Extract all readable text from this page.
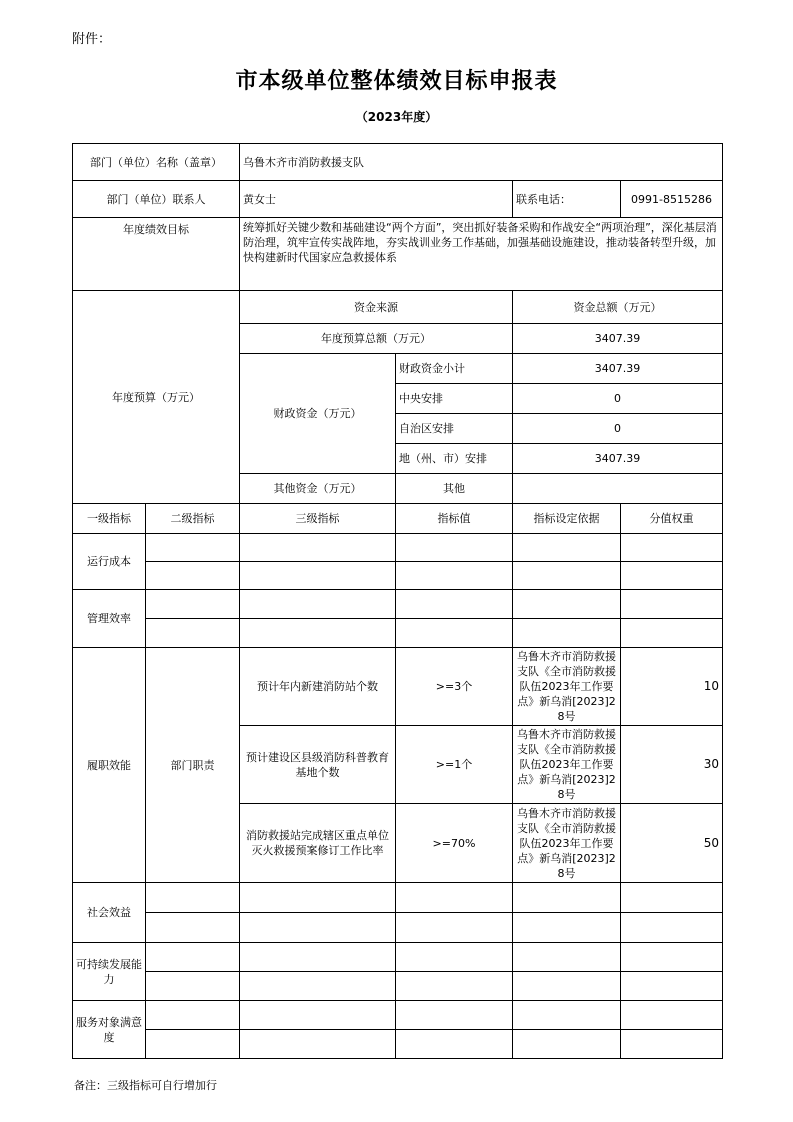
附件：
市本级单位整体绩效目标申报表
（2023年度）
部门（单位）名称（盖章）		乌鲁木齐市消防救援支队			
部门（单位）联系人		黄女士		联系电话：	0991-8515286
年度绩效目标		统筹抓好关键少数和基础建设“两个方面”，突出抓好装备采购和作战安全“两项治理”，深化基层消防治理，筑牢宣传实战阵地，夯实战训业务工作基础，加强基础设施建设，推动装备转型升级，加快构建新时代国家应急救援体系			
年度预算（万元）		资金来源		资金总额（万元）	
		年度预算总额（万元）		3407.39	
		财政资金（万元）	财政资金小计	3407.39	
			中央安排	0	
			自治区安排	0	
			地（州、市）安排	3407.39	
		其他资金（万元）	其他		
一级指标	二级指标	三级指标	指标值	指标设定依据	分值权重
运行成本					

管理效率					

履职效能	部门职责	预计年内新建消防站个数	>=3个	乌鲁木齐市消防救援支队《全市消防救援队伍2023年工作要点》新乌消[2023]28号	10
		预计建设区县级消防科普教育基地个数	>=1个	乌鲁木齐市消防救援支队《全市消防救援队伍2023年工作要点》新乌消[2023]28号	30
		消防救援站完成辖区重点单位灭火救援预案修订工作比率	>=70%	乌鲁木齐市消防救援支队《全市消防救援队伍2023年工作要点》新乌消[2023]28号	50
社会效益					

可持续发展能力					

服务对象满意度					

备注：三级指标可自行增加行
